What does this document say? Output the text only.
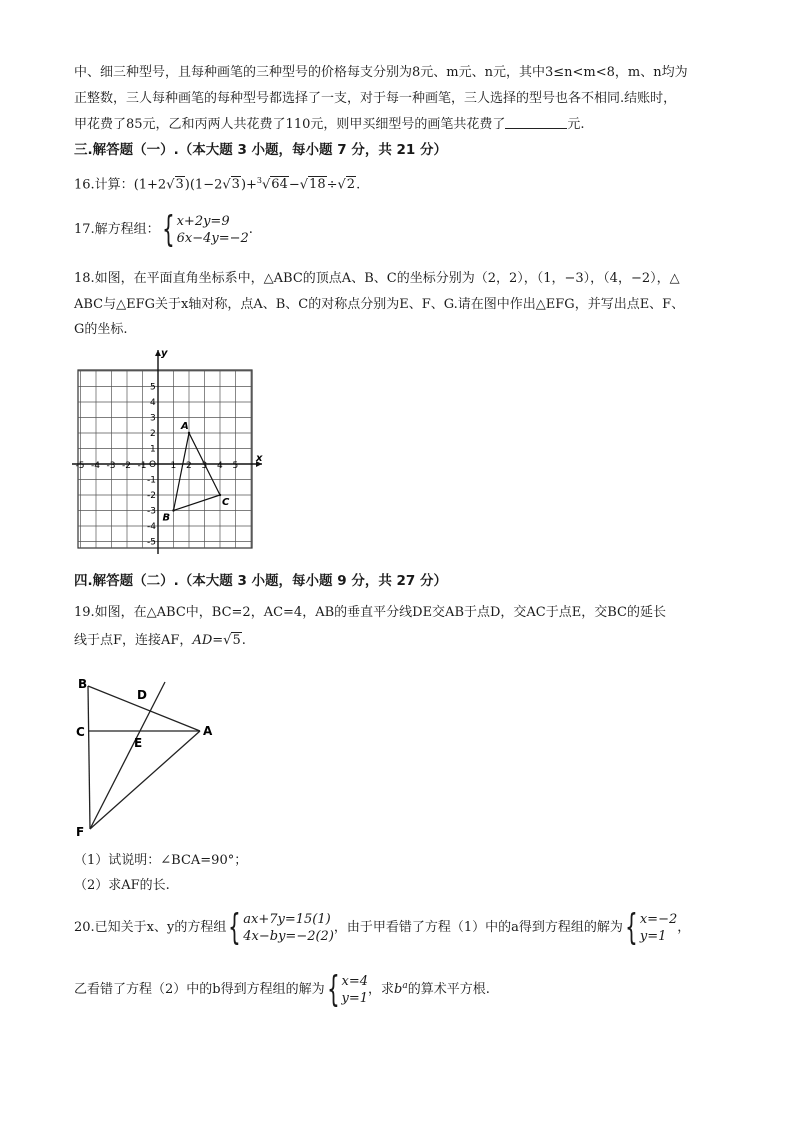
中、细三种型号，且每种画笔的三种型号的价格每支分别为8元、m元、n元，其中3≤n<m<8，m、n均为
正整数，三人每种画笔的每种型号都选择了一支，对于每一种画笔，三人选择的型号也各不相同.结账时，
甲花费了85元，乙和丙两人共花费了110元，则甲买细型号的画笔共花费了	元.
三.解答题（一）.（本大题 3 小题，每小题 7 分，共 21 分）
16.计算：(1+2√3)(1−2√3)+$^3$√64−√18÷√2.
17.解方程组： { x+2y=9
6x−4y=−2
.
18.如图，在平面直角坐标系中，△ABC的顶点A、B、C的坐标分别为（2，2），（1，−3），（4，−2），△
ABC与△EFG关于x轴对称，点A、B、C的对称点分别为E、F、G.请在图中作出△EFG，并写出点E、F、
G的坐标.
x
y
O
-5 -4 -3 -2 -1	1 2 3 4 5
5
4
3
2
1
-1
-2
-3
-4
-5
A
B
C
四.解答题（二）.（本大题 3 小题，每小题 9 分，共 27 分）
19.如图，在△ABC中，BC=2，AC=4，AB的垂直平分线DE交AB于点D，交AC于点E，交BC的延长
线于点F，连接AF，AD=√5.
B
C
D
E
A
F
（1）试说明：∠BCA=90°；
（2）求AF的长.
20.已知关于x、y的方程组 { ax+7y=15(1)
4x−by=−2(2)
，由于甲看错了方程（1）中的a得到方程组的解为 { x=−2
y=1
，
乙看错了方程（2）中的b得到方程组的解为 { x=4
y=1
，求$b^a$的算术平方根.
